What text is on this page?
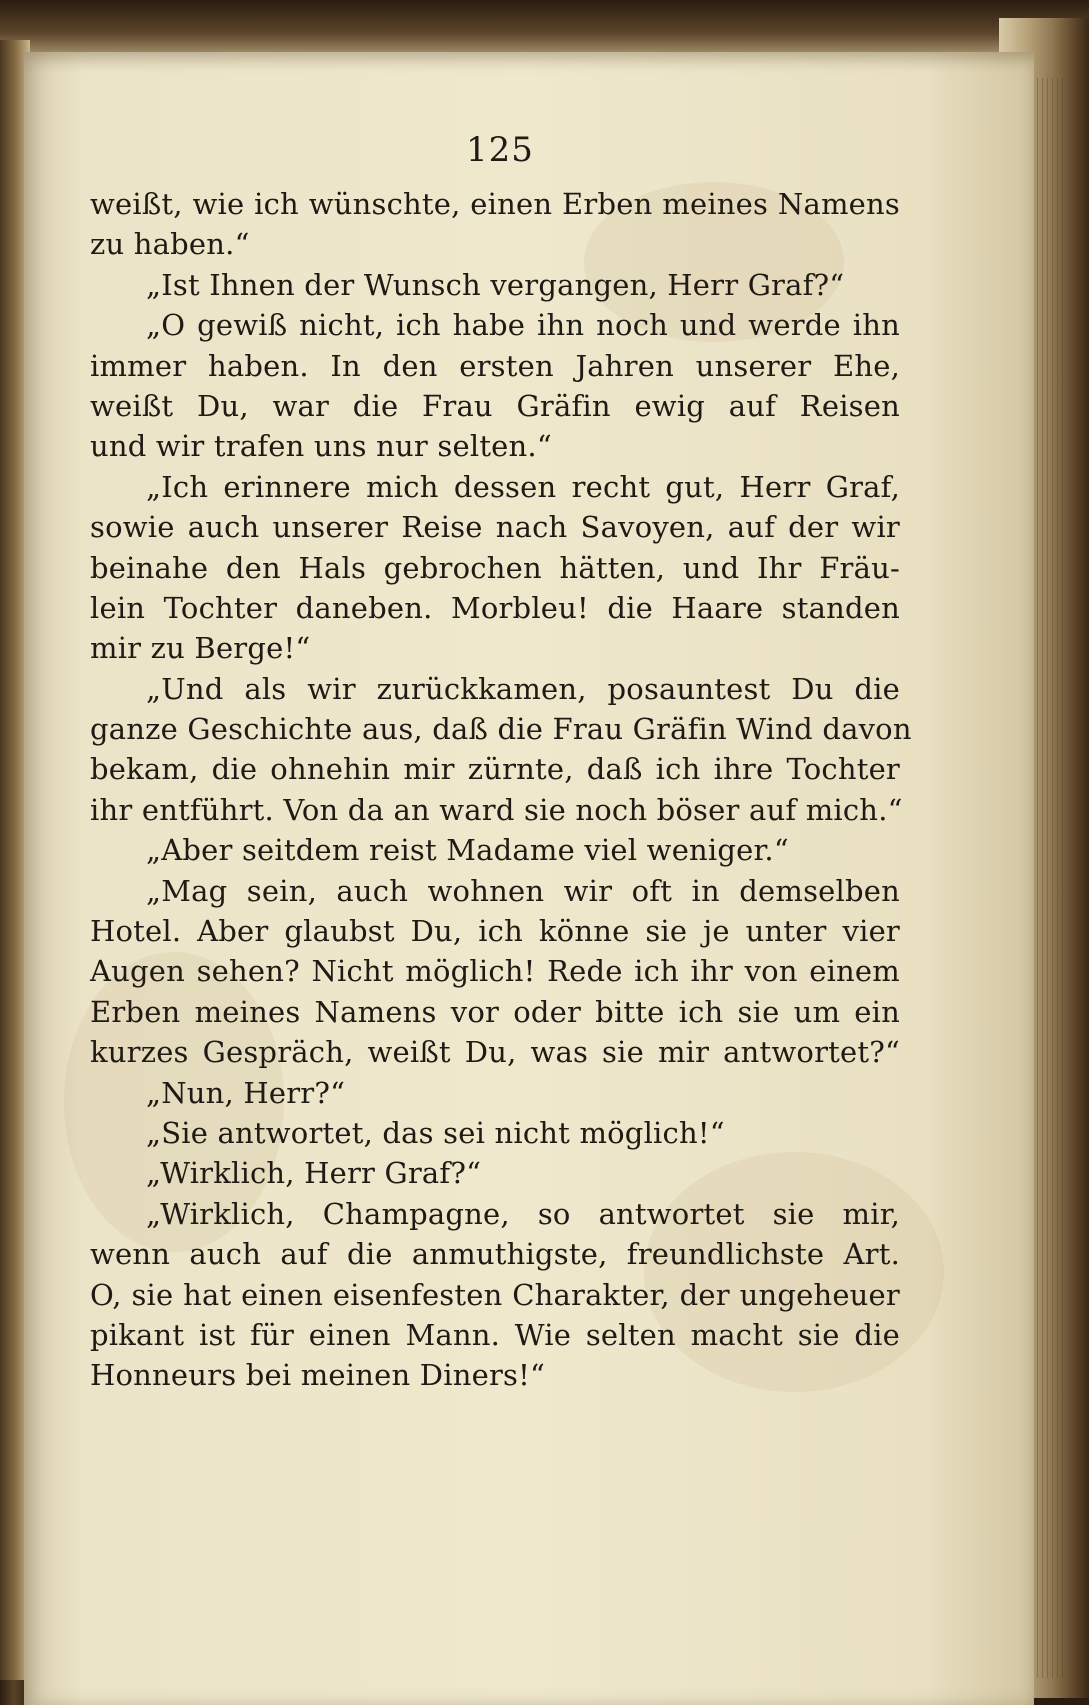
125
weißt, wie ich wünschte, einen Erben meines Namens
zu haben.“
„Ist Ihnen der Wunsch vergangen, Herr Graf?“
„O gewiß nicht, ich habe ihn noch und werde ihn
immer haben. In den ersten Jahren unserer Ehe,
weißt Du, war die Frau Gräfin ewig auf Reisen
und wir trafen uns nur selten.“
„Ich erinnere mich dessen recht gut, Herr Graf,
sowie auch unserer Reise nach Savoyen, auf der wir
beinahe den Hals gebrochen hätten, und Ihr Fräu-
lein Tochter daneben. Morbleu! die Haare standen
mir zu Berge!“
„Und als wir zurückkamen, posauntest Du die
ganze Geschichte aus, daß die Frau Gräfin Wind davon
bekam, die ohnehin mir zürnte, daß ich ihre Tochter
ihr entführt. Von da an ward sie noch böser auf mich.“
„Aber seitdem reist Madame viel weniger.“
„Mag sein, auch wohnen wir oft in demselben
Hotel. Aber glaubst Du, ich könne sie je unter vier
Augen sehen? Nicht möglich! Rede ich ihr von einem
Erben meines Namens vor oder bitte ich sie um ein
kurzes Gespräch, weißt Du, was sie mir antwortet?“
„Nun, Herr?“
„Sie antwortet, das sei nicht möglich!“
„Wirklich, Herr Graf?“
„Wirklich, Champagne, so antwortet sie mir,
wenn auch auf die anmuthigste, freundlichste Art.
O, sie hat einen eisenfesten Charakter, der ungeheuer
pikant ist für einen Mann. Wie selten macht sie die
Honneurs bei meinen Diners!“
